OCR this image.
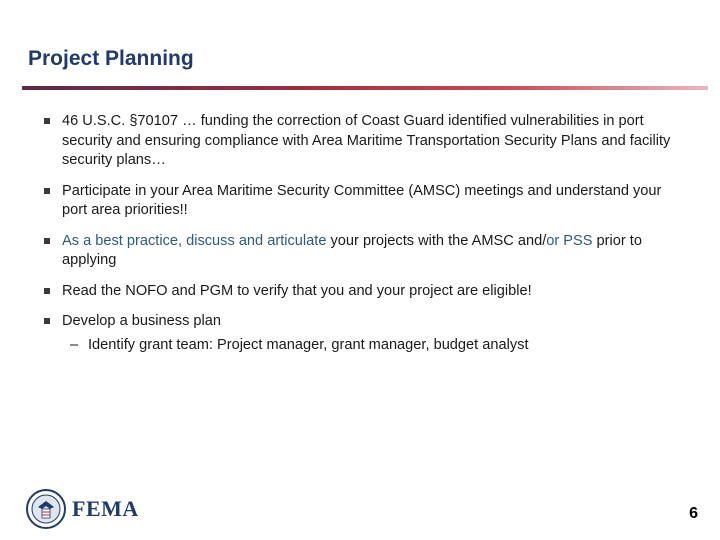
Project Planning
46 U.S.C. §70107 … funding the correction of Coast Guard identified vulnerabilities in port security and ensuring compliance with Area Maritime Transportation Security Plans and facility security plans…
Participate in your Area Maritime Security Committee (AMSC) meetings and understand your port area priorities!!
As a best practice, discuss and articulate your projects with the AMSC and/or PSS prior to applying
Read the NOFO and PGM to verify that you and your project are eligible!
Develop a business plan
– Identify grant team: Project manager, grant manager, budget analyst
FEMA	6
